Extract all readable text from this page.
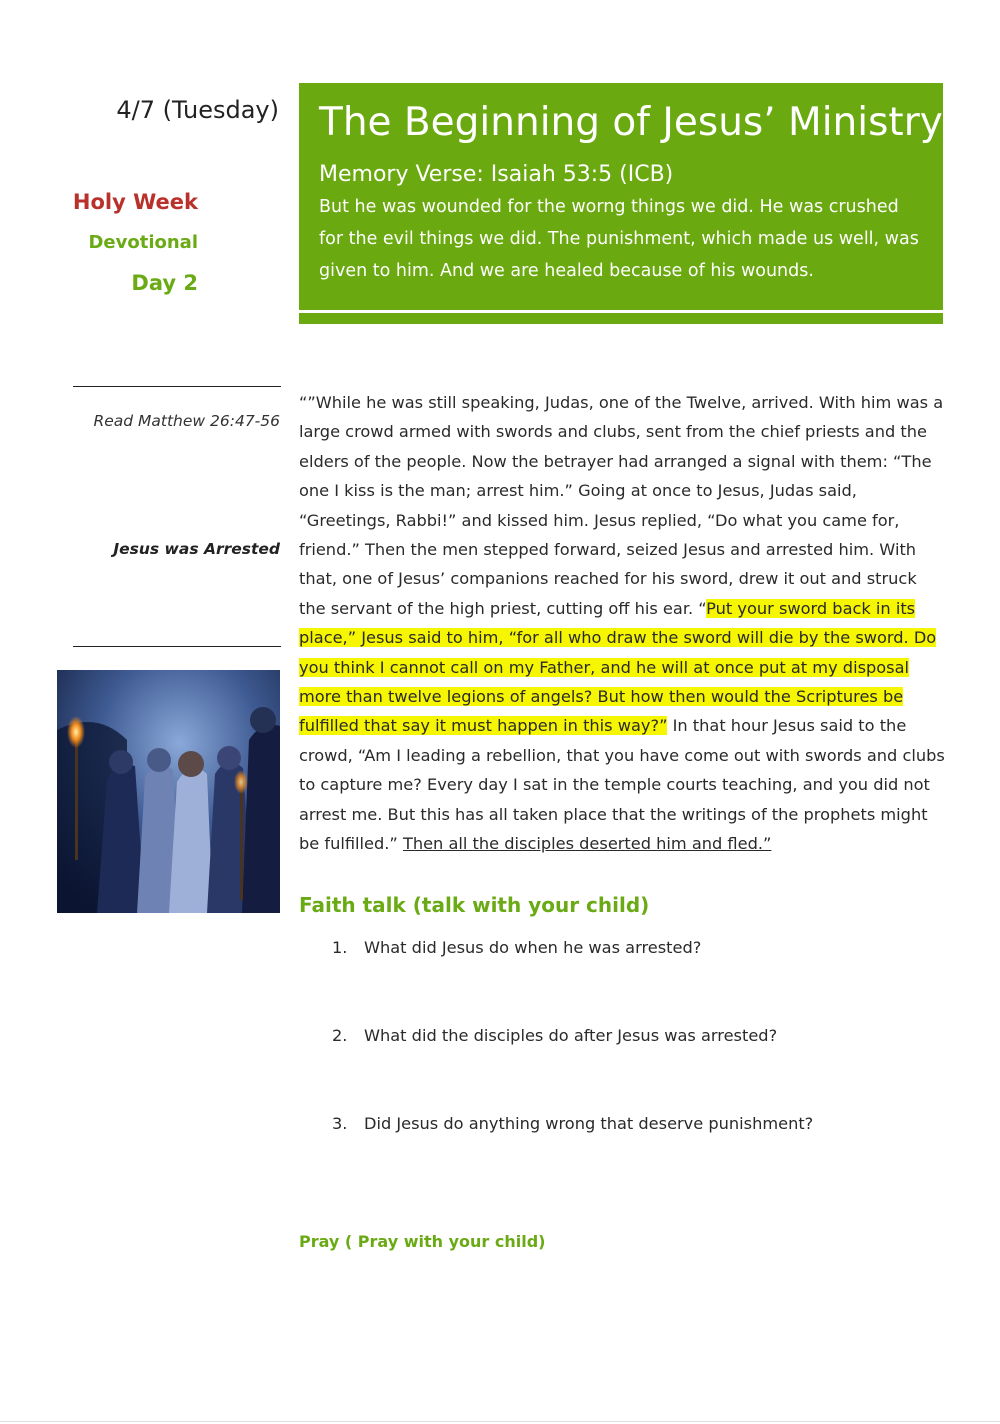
4/7 (Tuesday)
Holy Week
Devotional
Day 2
The Beginning of Jesus’ Ministry
Memory Verse: Isaiah 53:5 (ICB)
But he was wounded for the worng things we did. He was crushed for the evil things we did. The punishment, which made us well, was given to him. And we are healed because of his wounds.
Read Matthew 26:47-56
Jesus was Arrested

“”While he was still speaking, Judas, one of the Twelve, arrived. With him was a large crowd armed with swords and clubs, sent from the chief priests and the elders of the people. Now the betrayer had arranged a signal with them: “The one I kiss is the man; arrest him.” Going at once to Jesus, Judas said, “Greetings, Rabbi!” and kissed him. Jesus replied, “Do what you came for, friend.” Then the men stepped forward, seized Jesus and arrested him. With that, one of Jesus’ companions reached for his sword, drew it out and struck the servant of the high priest, cutting off his ear. “Put your sword back in its place,” Jesus said to him, “for all who draw the sword will die by the sword. Do you think I cannot call on my Father, and he will at once put at my disposal more than twelve legions of angels? But how then would the Scriptures be fulfilled that say it must happen in this way?” In that hour Jesus said to the crowd, “Am I leading a rebellion, that you have come out with swords and clubs to capture me? Every day I sat in the temple courts teaching, and you did not arrest me. But this has all taken place that the writings of the prophets might be fulfilled.” Then all the disciples deserted him and fled.”

Faith talk (talk with your child)
1. What did Jesus do when he was arrested?
2. What did the disciples do after Jesus was arrested?
3. Did Jesus do anything wrong that deserve punishment?
Pray ( Pray with your child)
